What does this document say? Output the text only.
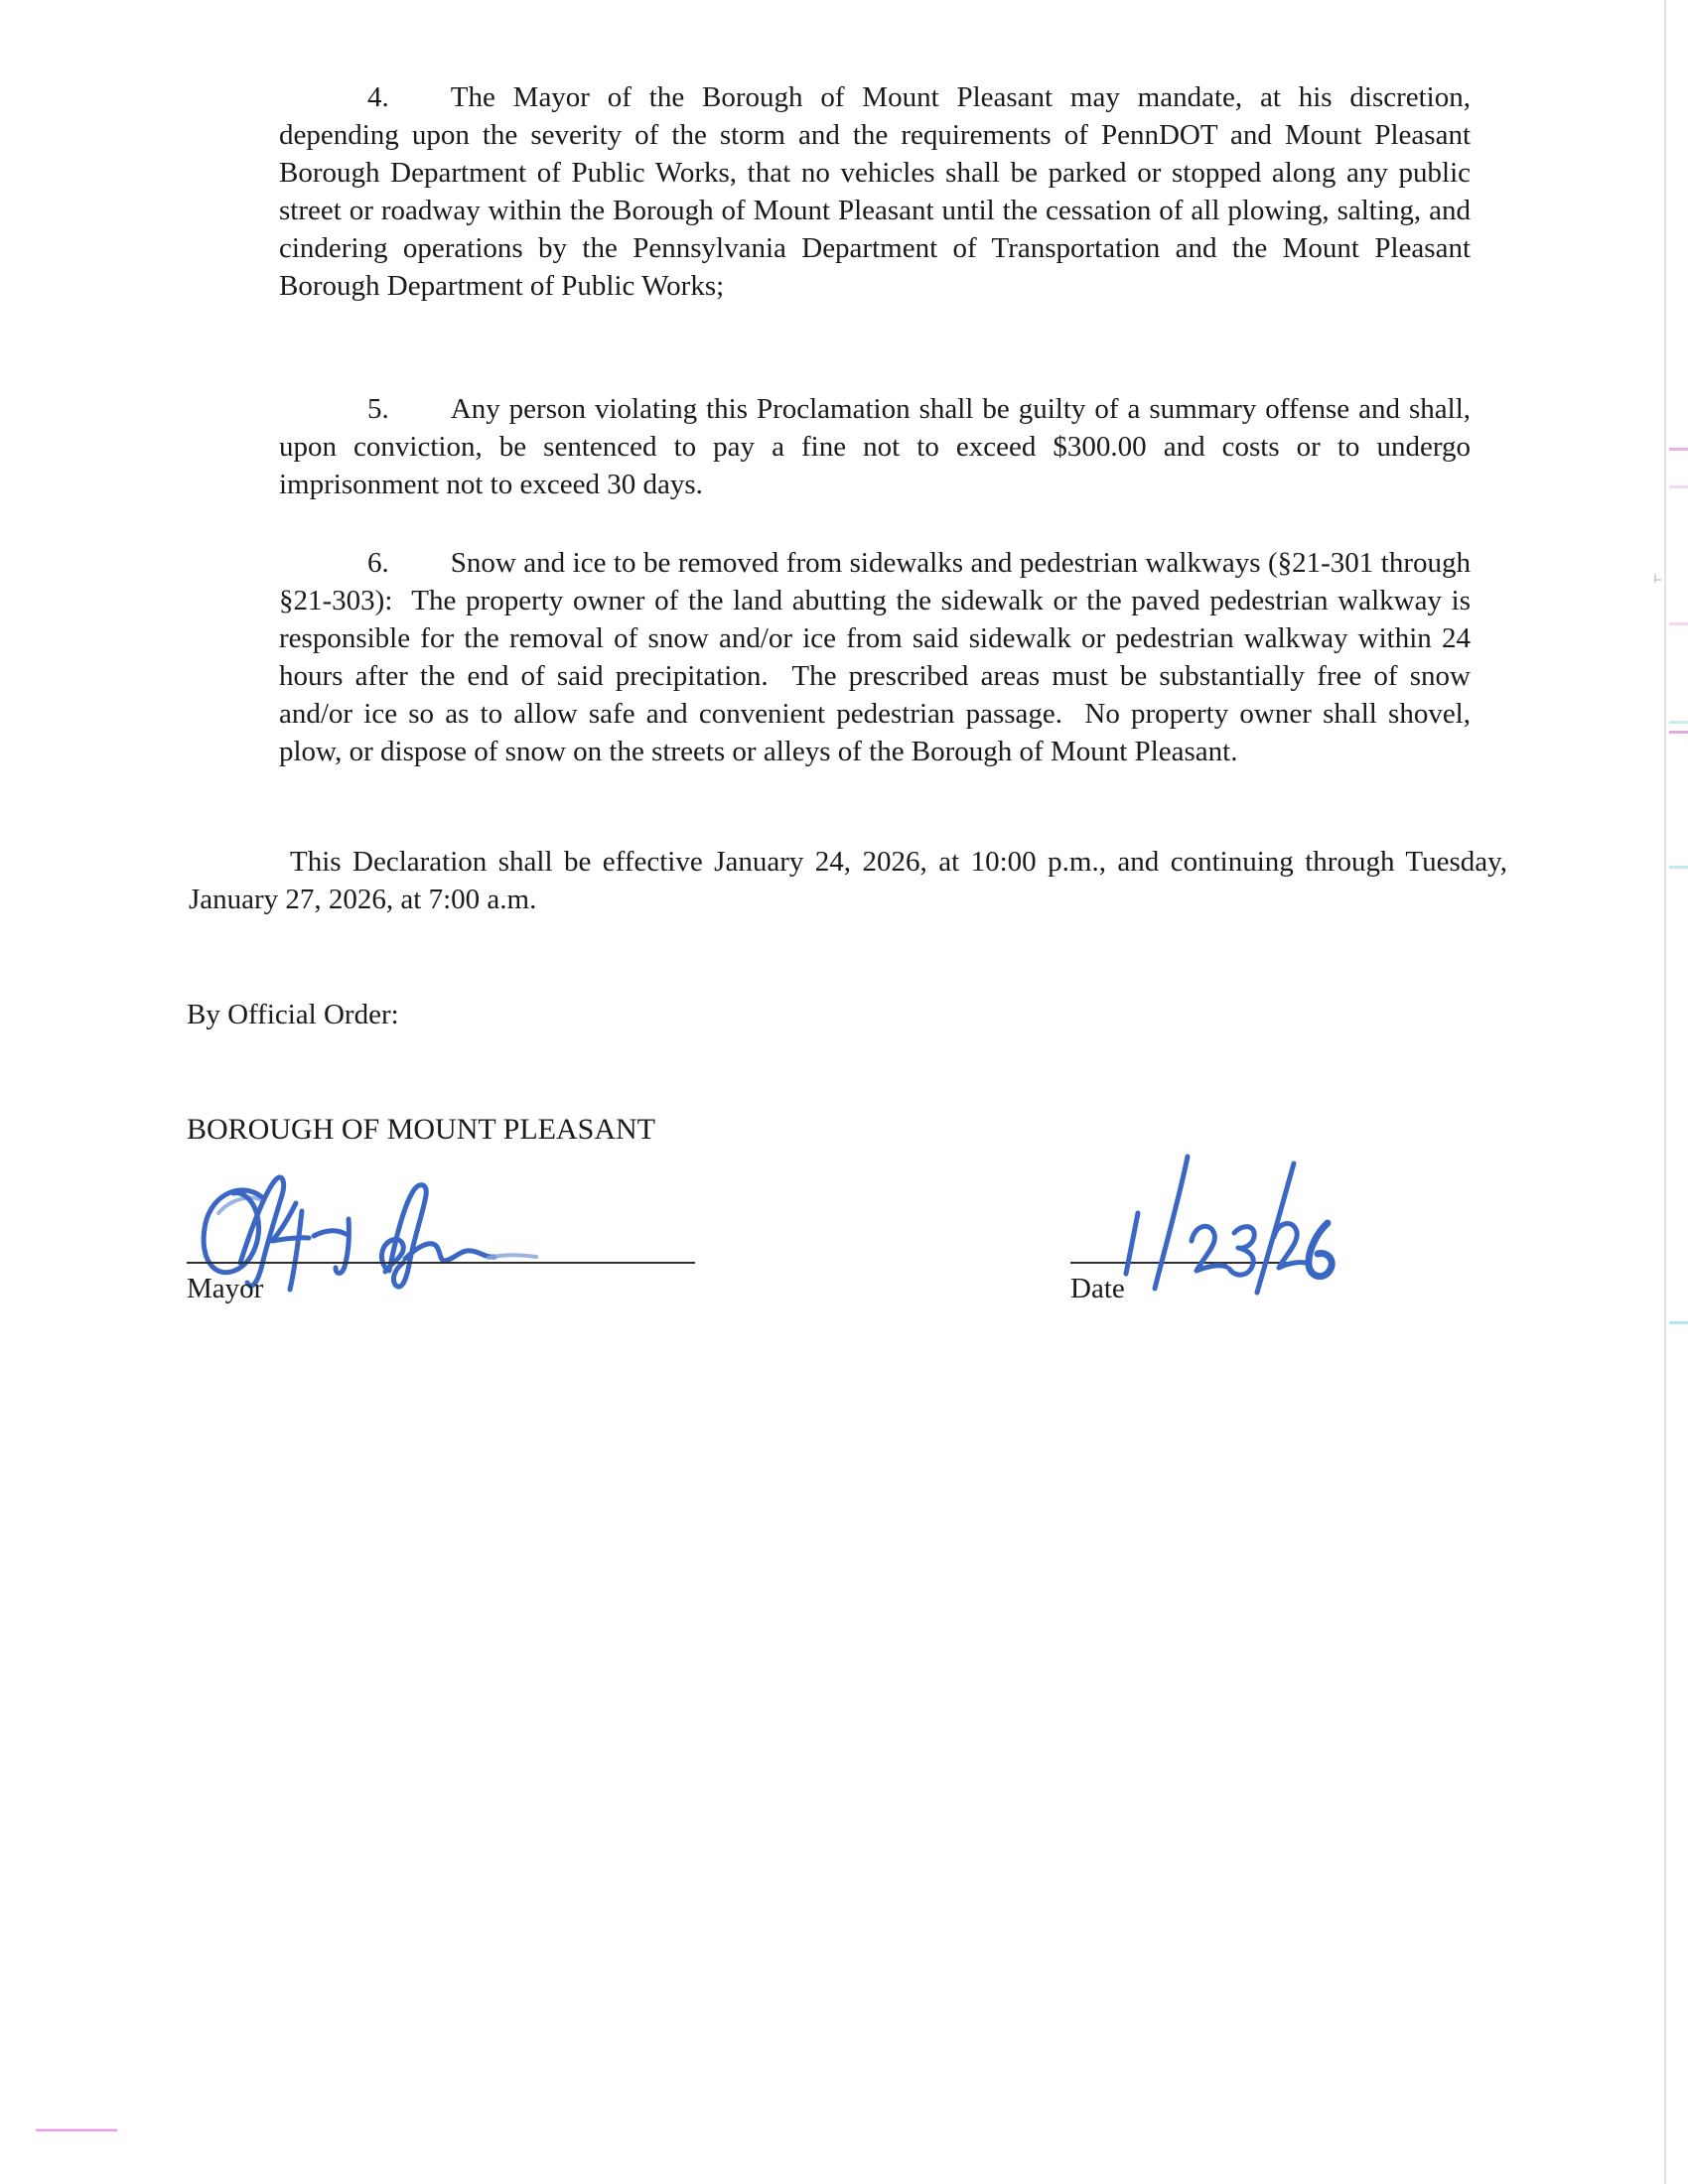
4. The Mayor of the Borough of Mount Pleasant may mandate, at his discretion, depending upon the severity of the storm and the requirements of PennDOT and Mount Pleasant Borough Department of Public Works, that no vehicles shall be parked or stopped along any public street or roadway within the Borough of Mount Pleasant until the cessation of all plowing, salting, and cindering operations by the Pennsylvania Department of Transportation and the Mount Pleasant Borough Department of Public Works;
5. Any person violating this Proclamation shall be guilty of a summary offense and shall, upon conviction, be sentenced to pay a fine not to exceed $300.00 and costs or to undergo imprisonment not to exceed 30 days.
6. Snow and ice to be removed from sidewalks and pedestrian walkways (§21-301 through §21-303):  The property owner of the land abutting the sidewalk or the paved pedestrian walkway is responsible for the removal of snow and/or ice from said sidewalk or pedestrian walkway within 24 hours after the end of said precipitation.  The prescribed areas must be substantially free of snow and/or ice so as to allow safe and convenient pedestrian passage.  No property owner shall shovel, plow, or dispose of snow on the streets or alleys of the Borough of Mount Pleasant.
This Declaration shall be effective January 24, 2026, at 10:00 p.m., and continuing through Tuesday, January 27, 2026, at 7:00 a.m.
By Official Order:
BOROUGH OF MOUNT PLEASANT
Mayor	Date
